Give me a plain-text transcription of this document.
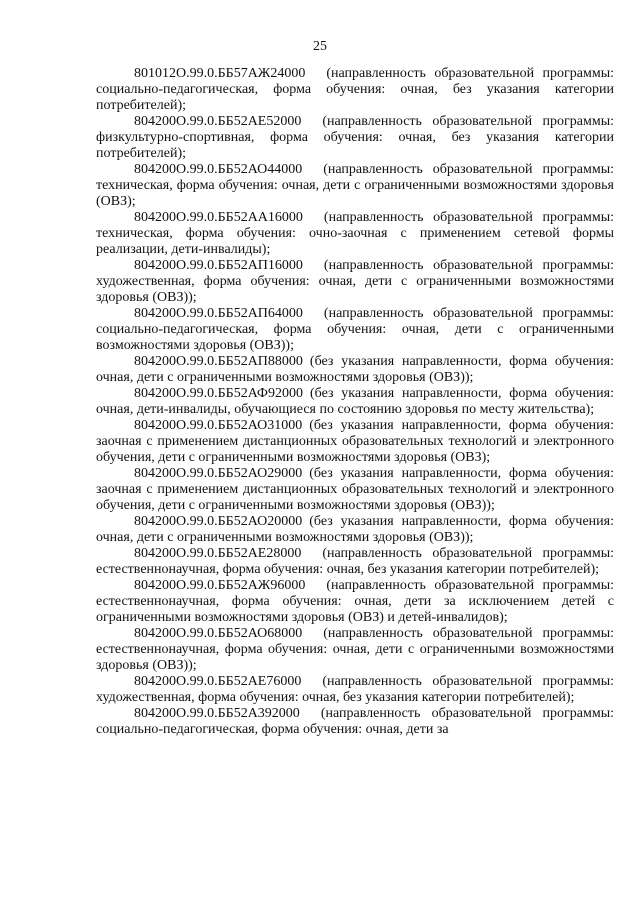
25

801012О.99.0.ББ57АЖ24000   (направленность образовательной программы: социально-педагогическая, форма обучения: очная, без указания категории потребителей);

804200О.99.0.ББ52АЕ52000   (направленность образовательной программы: физкультурно-спортивная, форма обучения: очная, без указания категории потребителей);

804200О.99.0.ББ52АО44000   (направленность образовательной программы: техническая, форма обучения: очная, дети с ограниченными возможностями здоровья (ОВЗ);

804200О.99.0.ББ52АА16000   (направленность образовательной программы: техническая, форма обучения: очно-заочная с применением сетевой формы реализации, дети-инвалиды);

804200О.99.0.ББ52АП16000   (направленность образовательной программы: художественная, форма обучения: очная, дети с ограниченными возможностями здоровья (ОВЗ));

804200О.99.0.ББ52АП64000   (направленность образовательной программы: социально-педагогическая, форма обучения: очная, дети с ограниченными возможностями здоровья (ОВЗ));

804200О.99.0.ББ52АП88000  (без указания направленности, форма обучения: очная, дети с ограниченными возможностями здоровья (ОВЗ));

804200О.99.0.ББ52АФ92000  (без указания направленности, форма обучения: очная, дети-инвалиды, обучающиеся по состоянию здоровья по месту жительства);

804200О.99.0.ББ52АО31000  (без указания направленности, форма обучения: заочная с применением дистанционных образовательных технологий и электронного обучения, дети с ограниченными возможностями здоровья (ОВЗ);

804200О.99.0.ББ52АО29000  (без указания направленности, форма обучения: заочная с применением дистанционных образовательных технологий и электронного обучения, дети с ограниченными возможностями здоровья (ОВЗ));

804200О.99.0.ББ52АО20000  (без указания направленности, форма обучения: очная, дети с ограниченными возможностями здоровья (ОВЗ));

804200О.99.0.ББ52АЕ28000   (направленность образовательной программы: естественнонаучная, форма обучения: очная, без указания категории потребителей);

804200О.99.0.ББ52АЖ96000   (направленность образовательной программы: естественнонаучная, форма обучения: очная, дети за исключением детей с ограниченными возможностями здоровья (ОВЗ) и детей-инвалидов);

804200О.99.0.ББ52АО68000   (направленность образовательной программы: естественнонаучная, форма обучения: очная, дети с ограниченными возможностями здоровья (ОВЗ));

804200О.99.0.ББ52АЕ76000   (направленность образовательной программы: художественная, форма обучения: очная, без указания категории потребителей);

804200О.99.0.ББ52А392000   (направленность образовательной программы: социально-педагогическая, форма обучения: очная, дети за
